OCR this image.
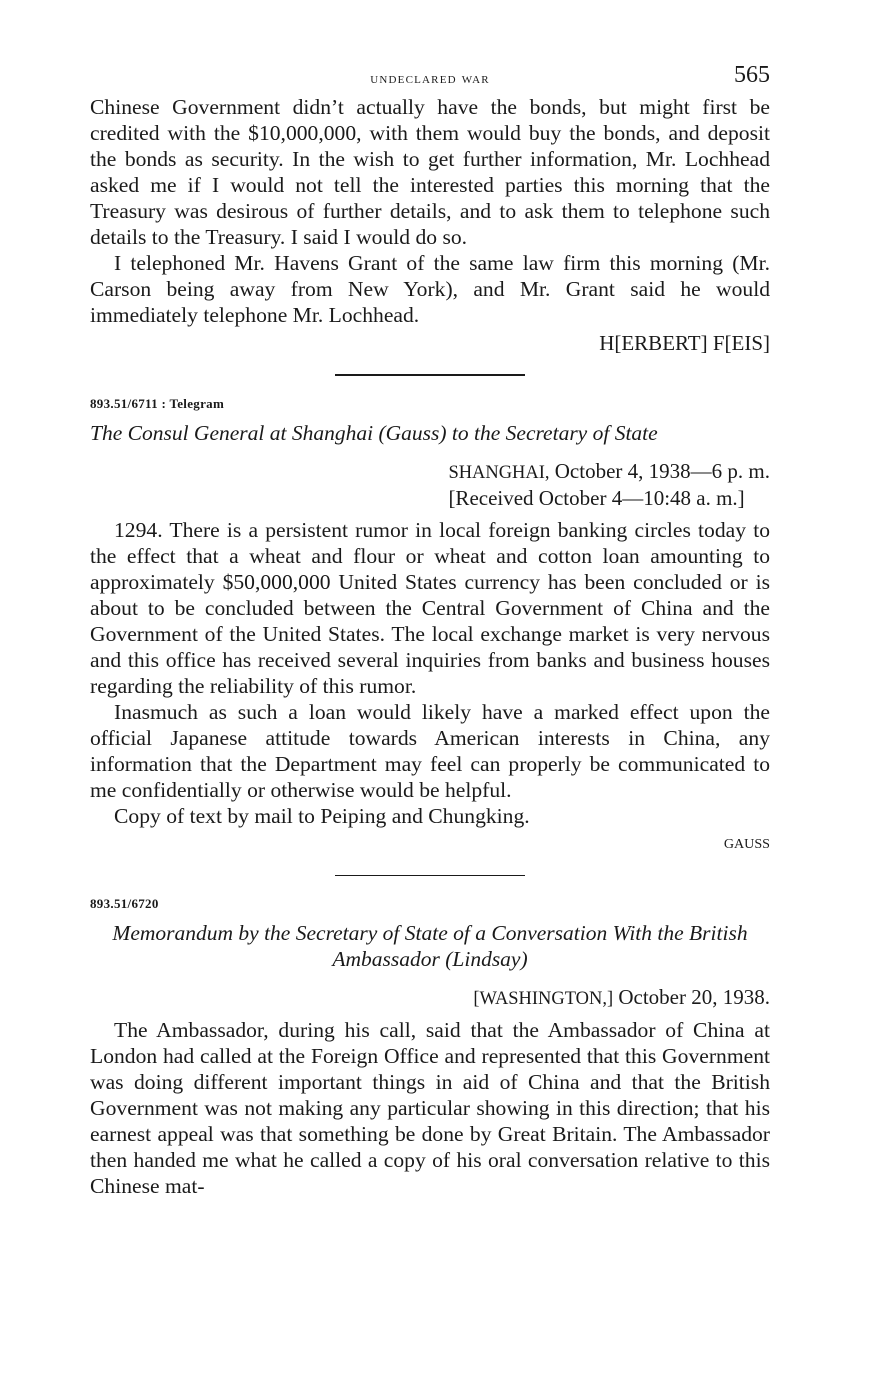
undeclared war	565

Chinese Government didn’t actually have the bonds, but might first be credited with the $10,000,000, with them would buy the bonds, and deposit the bonds as security. In the wish to get further information, Mr. Lochhead asked me if I would not tell the interested parties this morning that the Treasury was desirous of further details, and to ask them to telephone such details to the Treasury. I said I would do so.

I telephoned Mr. Havens Grant of the same law firm this morning (Mr. Carson being away from New York), and Mr. Grant said he would immediately telephone Mr. Lochhead.

H[ERBERT] F[EIS]
893.51/6711 : Telegram
The Consul General at Shanghai (Gauss) to the Secretary of State
SHANGHAI, October 4, 1938—6 p. m.
[Received October 4—10:48 a. m.]

1294. There is a persistent rumor in local foreign banking circles today to the effect that a wheat and flour or wheat and cotton loan amounting to approximately $50,000,000 United States currency has been concluded or is about to be concluded between the Central Government of China and the Government of the United States. The local exchange market is very nervous and this office has received several inquiries from banks and business houses regarding the reliability of this rumor.

Inasmuch as such a loan would likely have a marked effect upon the official Japanese attitude towards American interests in China, any information that the Department may feel can properly be communicated to me confidentially or otherwise would be helpful.

Copy of text by mail to Peiping and Chungking.

GAUSS
893.51/6720
Memorandum by the Secretary of State of a Conversation With the British Ambassador (Lindsay)
[WASHINGTON,] October 20, 1938.

The Ambassador, during his call, said that the Ambassador of China at London had called at the Foreign Office and represented that this Government was doing different important things in aid of China and that the British Government was not making any particular showing in this direction; that his earnest appeal was that something be done by Great Britain. The Ambassador then handed me what he called a copy of his oral conversation relative to this Chinese mat-
